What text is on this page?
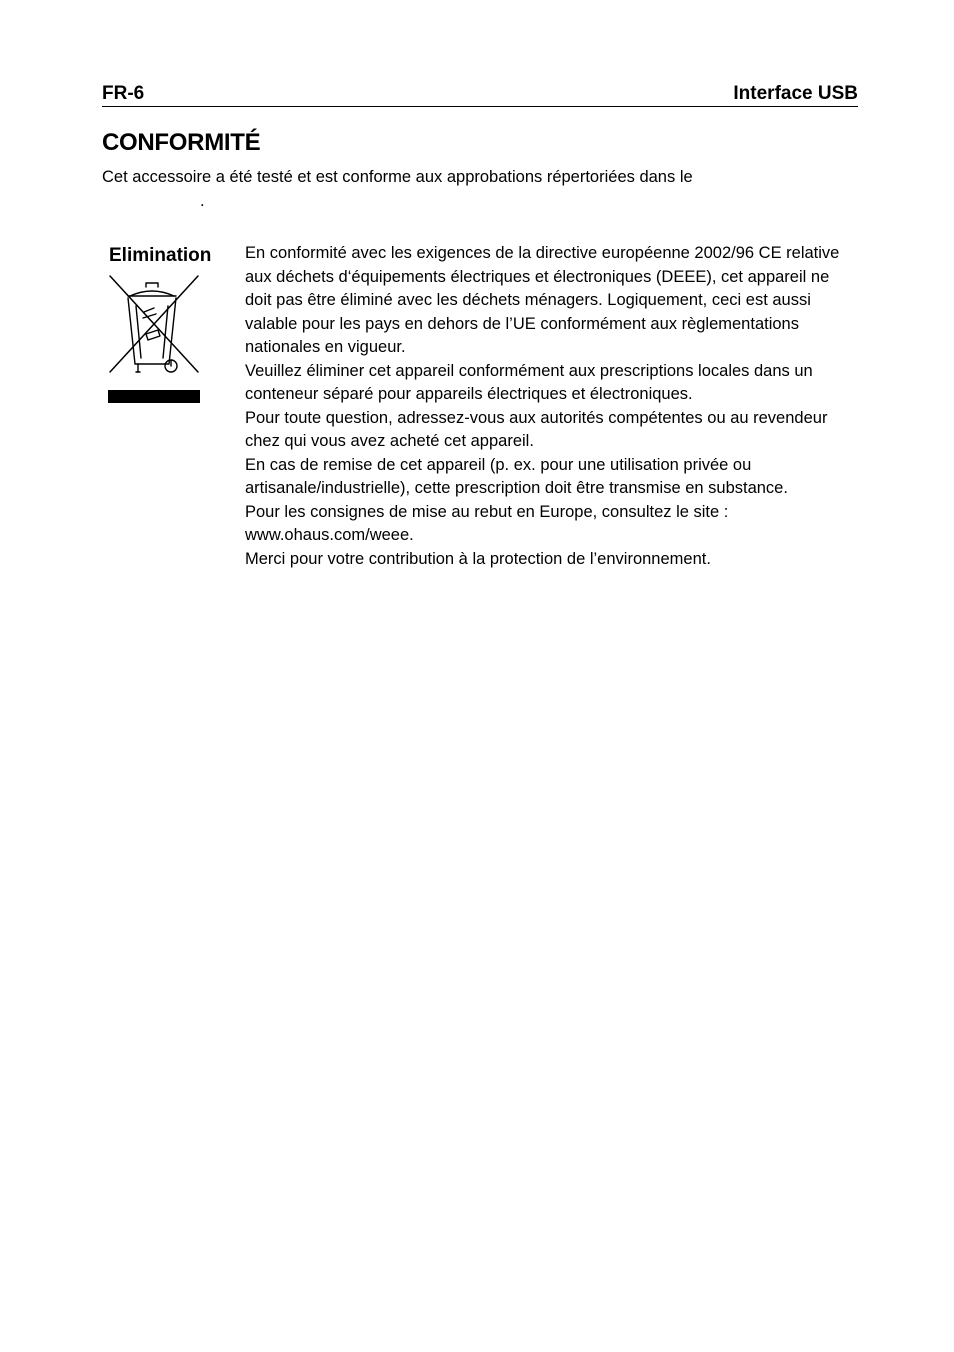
FR-6	Interface USB
CONFORMITÉ
Cet accessoire a été testé et est conforme aux approbations répertoriées dans le
.
Elimination En conformité avec les exigences de la directive européenne 2002/96 CE relative aux déchets d‘équipements électriques et électroniques (DEEE), cet appareil ne doit pas être éliminé avec les déchets ménagers. Logiquement, ceci est aussi valable pour les pays en dehors de l’UE conformément aux règlementations nationales en vigueur.

Veuillez éliminer cet appareil conformément aux prescriptions locales dans un conteneur séparé pour appareils électriques et électroniques.

Pour toute question, adressez-vous aux autorités compétentes ou au revendeur chez qui vous avez acheté cet appareil.

En cas de remise de cet appareil (p. ex. pour une utilisation privée ou artisanale/industrielle), cette prescription doit être transmise en substance.

Pour les consignes de mise au rebut en Europe, consultez le site : www.ohaus.com/weee.

Merci pour votre contribution à la protection de l’environnement.
